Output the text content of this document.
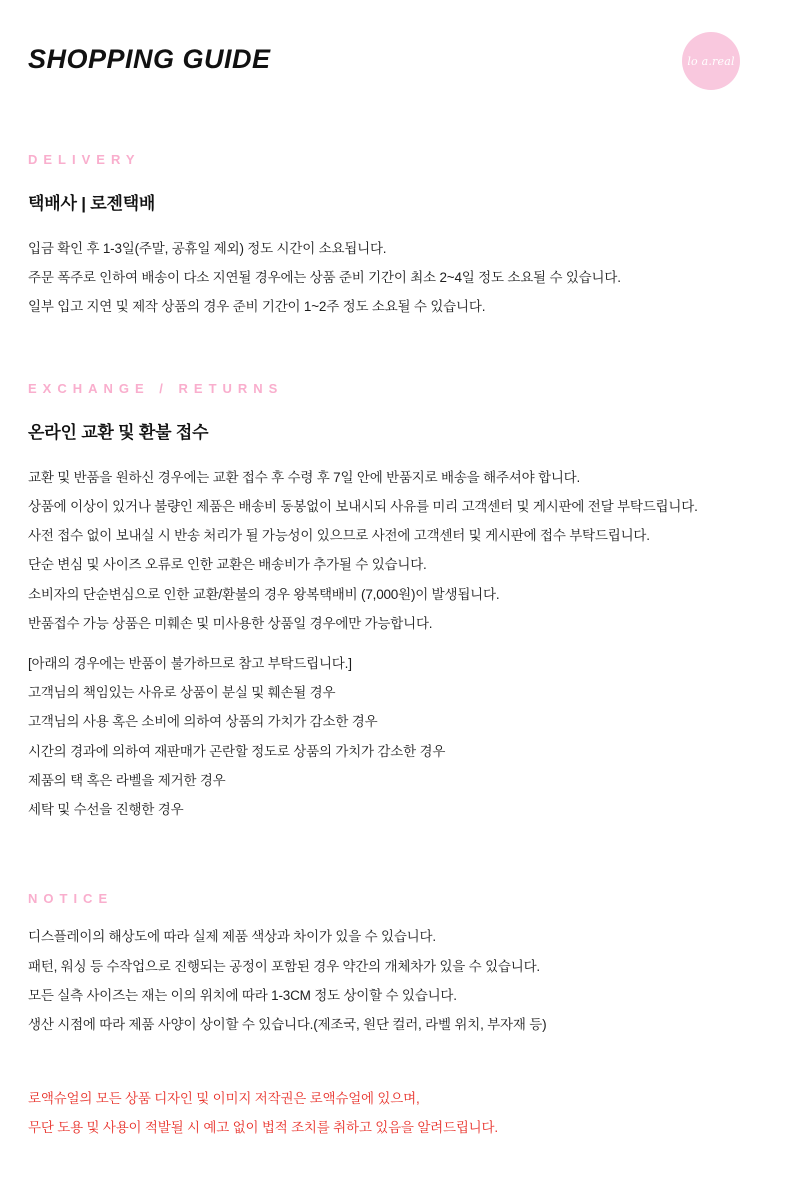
SHOPPING GUIDE	lo a.real
DELIVERY
택배사 | 로젠택배

입금 확인 후 1-3일(주말, 공휴일 제외) 정도 시간이 소요됩니다.

주문 폭주로 인하여 배송이 다소 지연될 경우에는 상품 준비 기간이 최소 2~4일 정도 소요될 수 있습니다.

일부 입고 지연 및 제작 상품의 경우 준비 기간이 1~2주 정도 소요될 수 있습니다.

EXCHANGE / RETURNS
온라인 교환 및 환불 접수

교환 및 반품을 원하신 경우에는 교환 접수 후 수령 후 7일 안에 반품지로 배송을 해주셔야 합니다.

상품에 이상이 있거나 불량인 제품은 배송비 동봉없이 보내시되 사유를 미리 고객센터 및 게시판에 전달 부탁드립니다.

사전 접수 없이 보내실 시 반송 처리가 될 가능성이 있으므로 사전에 고객센터 및 게시판에 접수 부탁드립니다.

단순 변심 및 사이즈 오류로 인한 교환은 배송비가 추가될 수 있습니다.

소비자의 단순변심으로 인한 교환/환불의 경우 왕복택배비 (7,000원)이 발생됩니다.

반품접수 가능 상품은 미훼손 및 미사용한 상품일 경우에만 가능합니다.

[아래의 경우에는 반품이 불가하므로 참고 부탁드립니다.]

고객님의 책임있는 사유로 상품이 분실 및 훼손될 경우

고객님의 사용 혹은 소비에 의하여 상품의 가치가 감소한 경우

시간의 경과에 의하여 재판매가 곤란할 정도로 상품의 가치가 감소한 경우

제품의 택 혹은 라벨을 제거한 경우

세탁 및 수선을 진행한 경우

NOTICE

디스플레이의 해상도에 따라 실제 제품 색상과 차이가 있을 수 있습니다.

패턴, 워싱 등 수작업으로 진행되는 공정이 포함된 경우 약간의 개체차가 있을 수 있습니다.

모든 실측 사이즈는 재는 이의 위치에 따라 1-3CM 정도 상이할 수 있습니다.

생산 시점에 따라 제품 사양이 상이할 수 있습니다.(제조국, 원단 컬러, 라벨 위치, 부자재 등)

로액슈얼의 모든 상품 디자인 및 이미지 저작권은 로액슈얼에 있으며,

무단 도용 및 사용이 적발될 시 예고 없이 법적 조치를 취하고 있음을 알려드립니다.
